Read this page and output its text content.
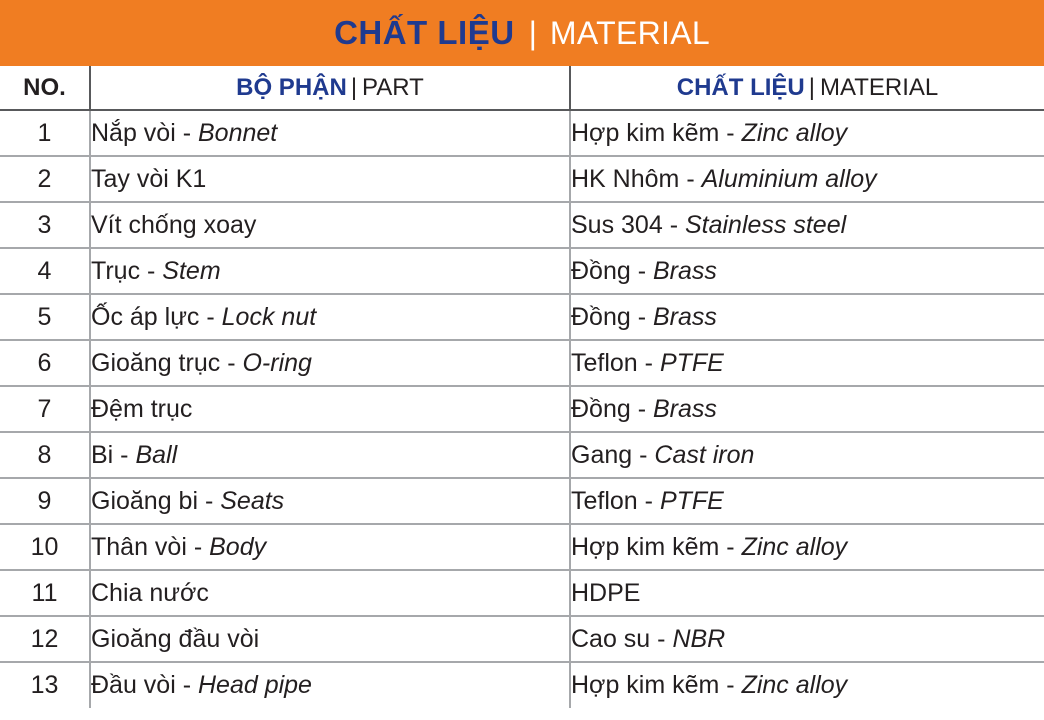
CHẤT LIỆU | MATERIAL
NO.	BỘ PHẬN | PART	CHẤT LIỆU | MATERIAL
1	Nắp vòi - Bonnet	Hợp kim kẽm - Zinc alloy
2	Tay vòi K1	HK Nhôm - Aluminium alloy
3	Vít chống xoay	Sus 304 - Stainless steel
4	Trục - Stem	Đồng - Brass
5	Ốc áp lực - Lock nut	Đồng - Brass
6	Gioăng trục - O-ring	Teflon - PTFE
7	Đệm trục	Đồng - Brass
8	Bi - Ball	Gang - Cast iron
9	Gioăng bi - Seats	Teflon - PTFE
10	Thân vòi - Body	Hợp kim kẽm - Zinc alloy
11	Chia nước	HDPE
12	Gioăng đầu vòi	Cao su - NBR
13	Đầu vòi - Head pipe	Hợp kim kẽm - Zinc alloy
